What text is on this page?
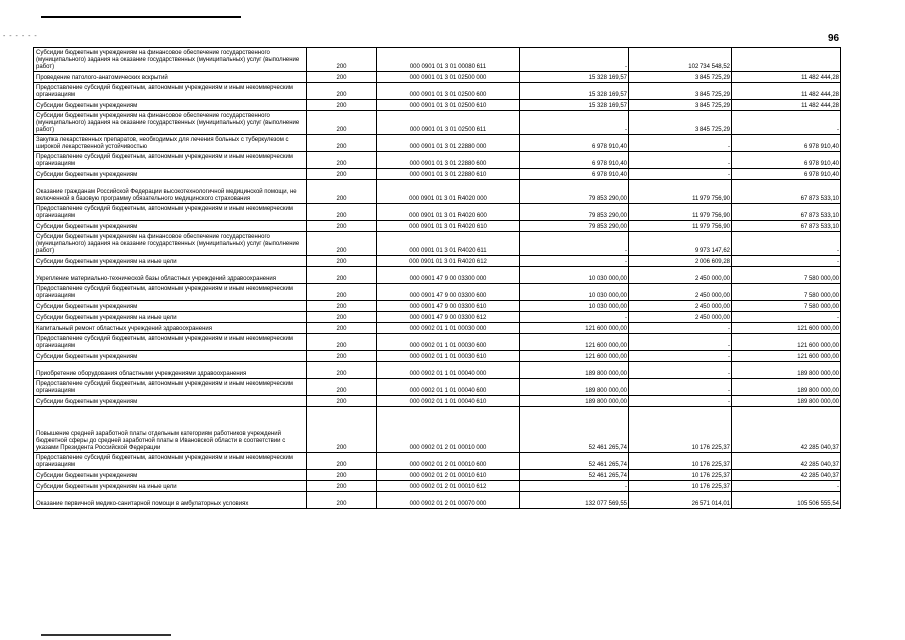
- - - - - -	96
Субсидии бюджетным учреждениям на финансовое обеспечение государственного (муниципального) задания на оказание государственных (муниципальных) услуг (выполнение работ)	200	000 0901 01 3 01 00080 611	-	102 734 548,52	
Проведение патолого-анатомических вскрытий	200	000 0901 01 3 01 02500 000	15 328 169,57	3 845 725,29	11 482 444,28
Предоставление субсидий бюджетным, автономным учреждениям и иным некоммерческим организациям	200	000 0901 01 3 01 02500 600	15 328 169,57	3 845 725,29	11 482 444,28
Субсидии бюджетным учреждениям	200	000 0901 01 3 01 02500 610	15 328 169,57	3 845 725,29	11 482 444,28
Субсидии бюджетным учреждениям на финансовое обеспечение государственного (муниципального) задания на оказание государственных (муниципальных) услуг (выполнение работ)	200	000 0901 01 3 01 02500 611	-	3 845 725,29	-
Закупка лекарственных препаратов, необходимых для лечения больных с туберкулезом с широкой лекарственной устойчивостью	200	000 0901 01 3 01 22880 000	6 978 910,40	-	6 978 910,40
Предоставление субсидий бюджетным, автономным учреждениям и иным некоммерческим организациям	200	000 0901 01 3 01 22880 600	6 978 910,40	-	6 978 910,40
Субсидии бюджетным учреждениям	200	000 0901 01 3 01 22880 610	6 978 910,40	-	6 978 910,40
Оказание гражданам Российской Федерации высокотехнологичной медицинской помощи, не включенной в базовую программу обязательного медицинского страхования	200	000 0901 01 3 01 R4020 000	79 853 290,00	11 979 756,90	67 873 533,10
Предоставление субсидий бюджетным, автономным учреждениям и иным некоммерческим организациям	200	000 0901 01 3 01 R4020 600	79 853 290,00	11 979 756,90	67 873 533,10
Субсидии бюджетным учреждениям	200	000 0901 01 3 01 R4020 610	79 853 290,00	11 979 756,90	67 873 533,10
Субсидии бюджетным учреждениям на финансовое обеспечение государственного (муниципального) задания на оказание государственных (муниципальных) услуг (выполнение работ)	200	000 0901 01 3 01 R4020 611	-	9 973 147,62	-
Субсидии бюджетным учреждениям на иные цели	200	000 0901 01 3 01 R4020 612	-	2 006 609,28	-
Укрепление материально-технической базы областных учреждений здравоохранения	200	000 0901 47 9 00 03300 000	10 030 000,00	2 450 000,00	7 580 000,00
Предоставление субсидий бюджетным, автономным учреждениям и иным некоммерческим организациям	200	000 0901 47 9 00 03300 600	10 030 000,00	2 450 000,00	7 580 000,00
Субсидии бюджетным учреждениям	200	000 0901 47 9 00 03300 610	10 030 000,00	2 450 000,00	7 580 000,00
Субсидии бюджетным учреждениям на иные цели	200	000 0901 47 9 00 03300 612	-	2 450 000,00	-
Капитальный ремонт областных учреждений здравоохранения	200	000 0902 01 1 01 00030 000	121 600 000,00	-	121 600 000,00
Предоставление субсидий бюджетным, автономным учреждениям и иным некоммерческим организациям	200	000 0902 01 1 01 00030 600	121 600 000,00	-	121 600 000,00
Субсидии бюджетным учреждениям	200	000 0902 01 1 01 00030 610	121 600 000,00	-	121 600 000,00
Приобретение оборудования областными учреждениями здравоохранения	200	000 0902 01 1 01 00040 000	189 800 000,00	-	189 800 000,00
Предоставление субсидий бюджетным, автономным учреждениям и иным некоммерческим организациям	200	000 0902 01 1 01 00040 600	189 800 000,00	-	189 800 000,00
Субсидии бюджетным учреждениям	200	000 0902 01 1 01 00040 610	189 800 000,00	-	189 800 000,00
Повышение средней заработной платы отдельным категориям работников учреждений бюджетной сферы до средней заработной платы в Ивановской области в соответствии с указами Президента Российской Федерации	200	000 0902 01 2 01 00010 000	52 461 265,74	10 176 225,37	42 285 040,37
Предоставление субсидий бюджетным, автономным учреждениям и иным некоммерческим организациям	200	000 0902 01 2 01 00010 600	52 461 265,74	10 176 225,37	42 285 040,37
Субсидии бюджетным учреждениям	200	000 0902 01 2 01 00010 610	52 461 265,74	10 176 225,37	42 285 040,37
Субсидии бюджетным учреждениям на иные цели	200	000 0902 01 2 01 00010 612	-	10 176 225,37	-
Оказание первичной медико-санитарной помощи в амбулаторных условиях	200	000 0902 01 2 01 00070 000	132 077 569,55	26 571 014,01	105 506 555,54
